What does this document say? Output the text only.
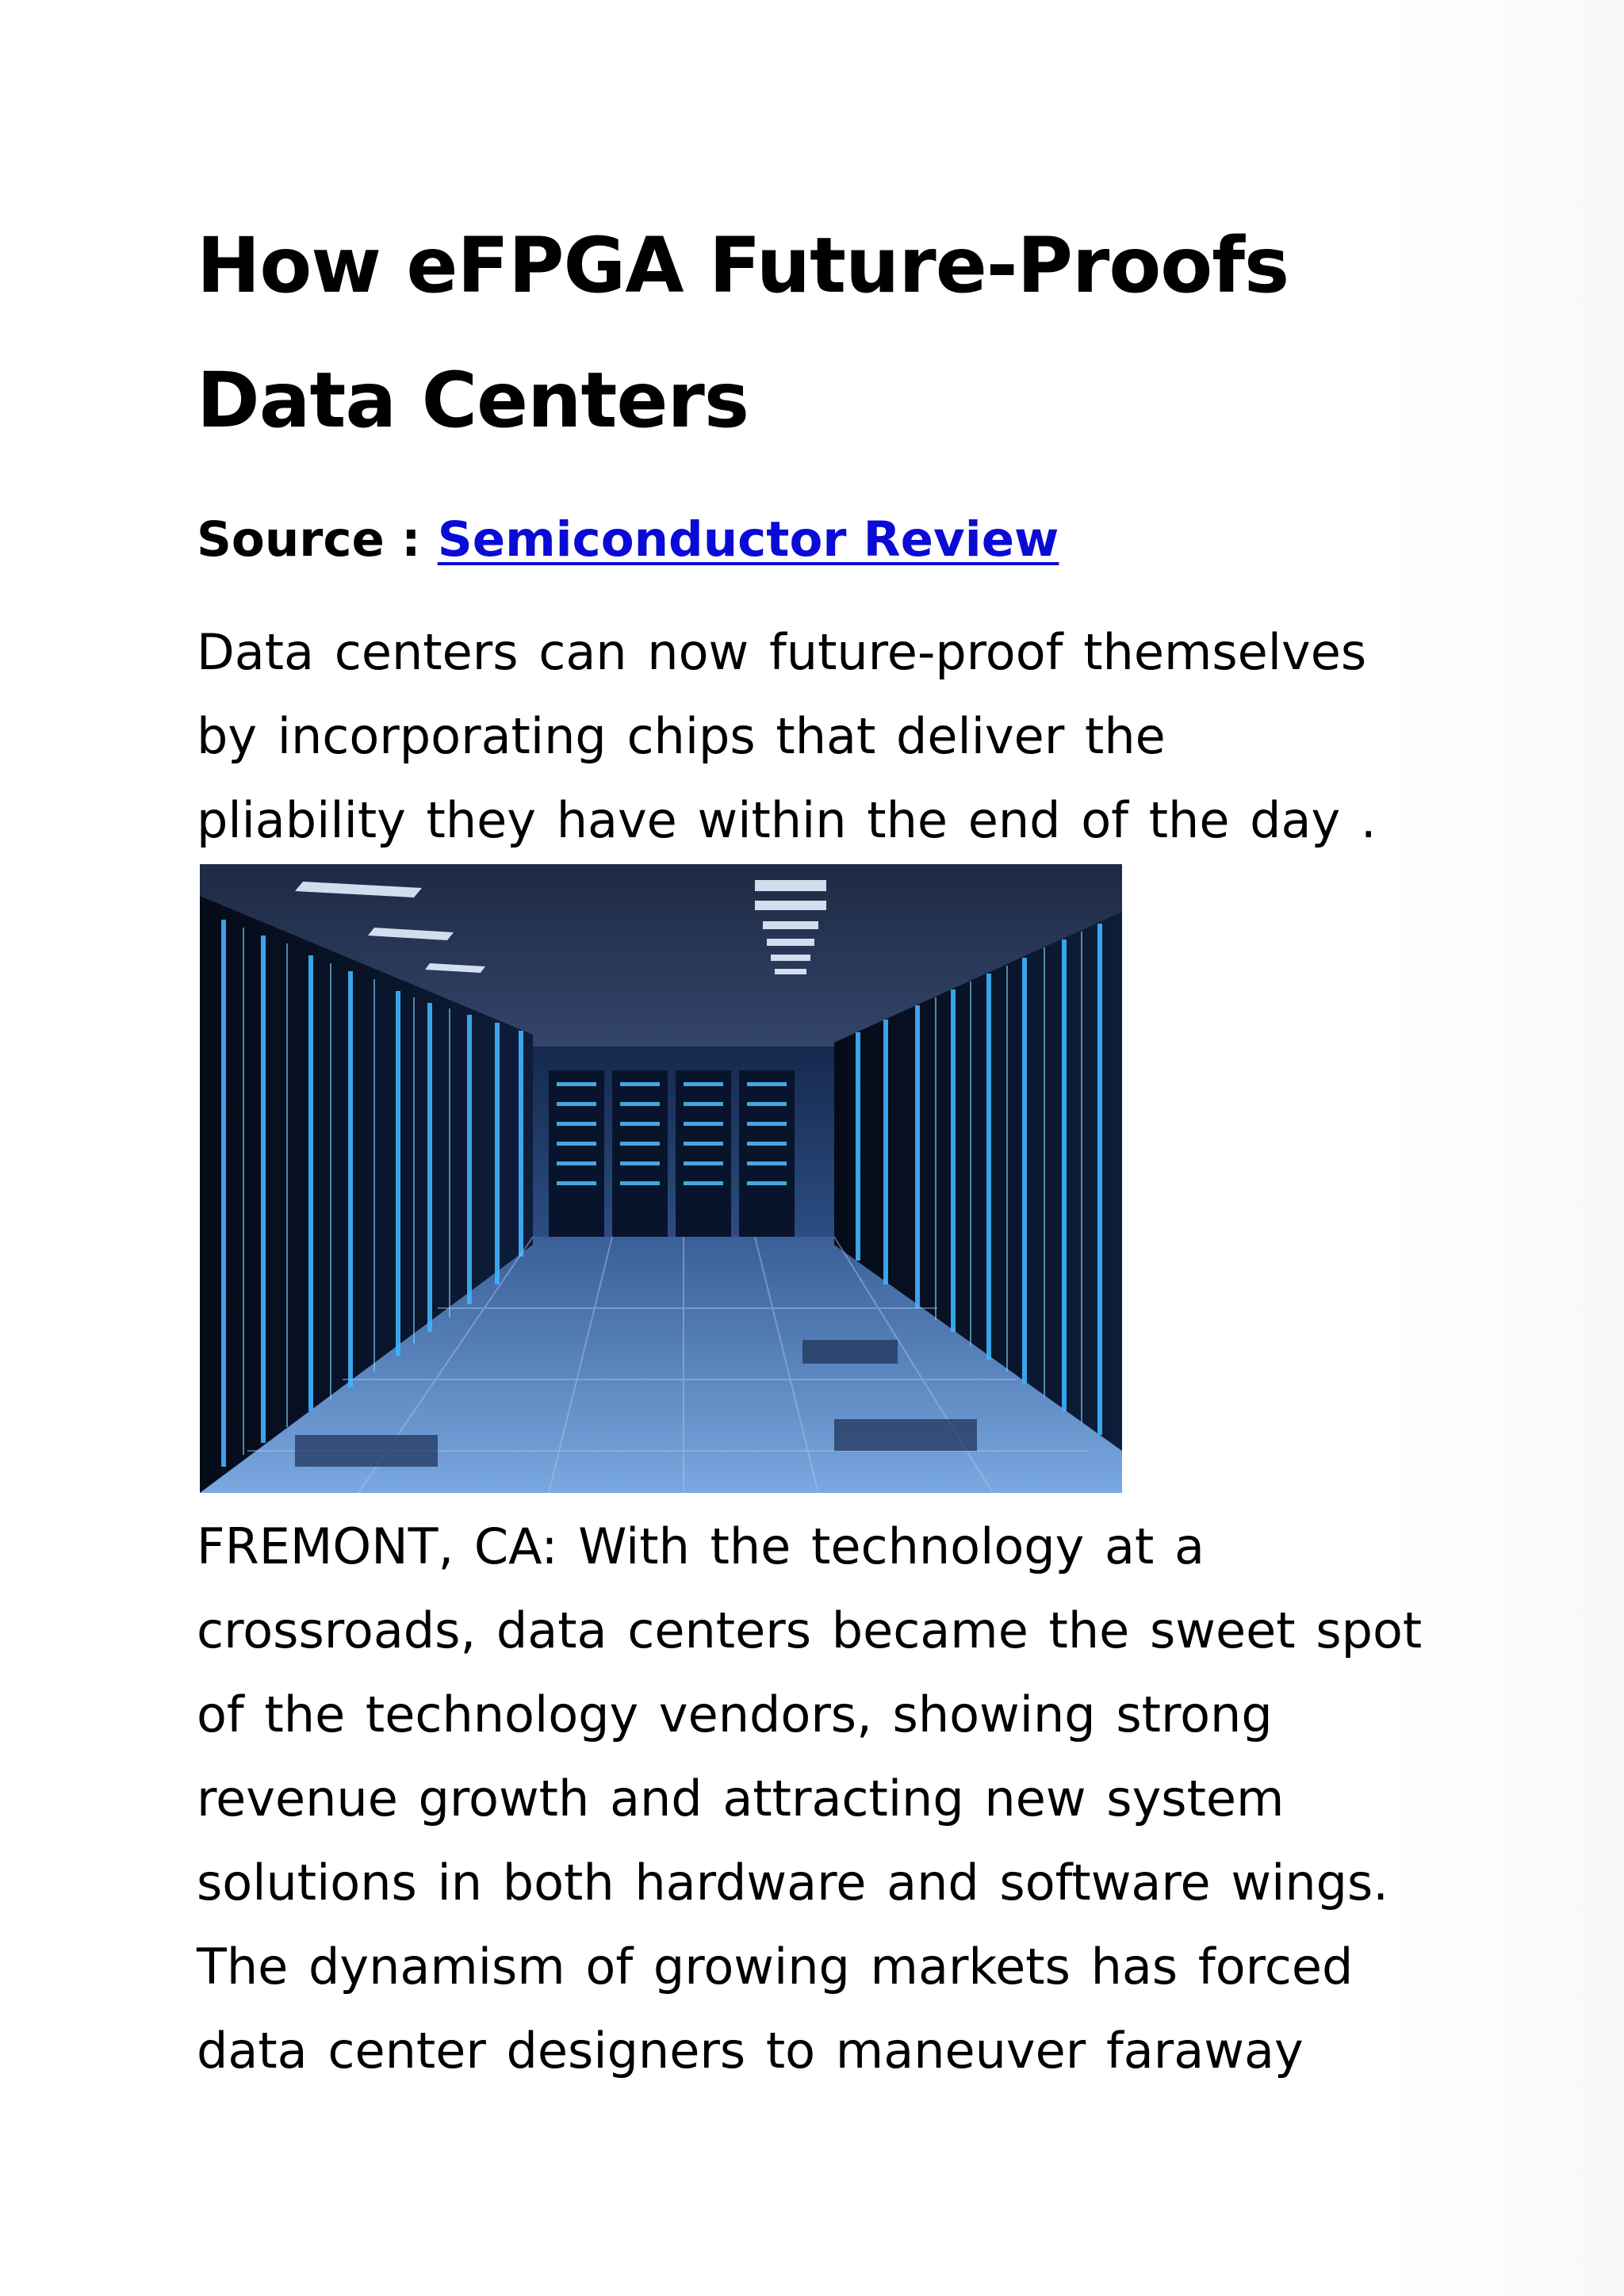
How eFPGA Future-Proofs Data Centers
Source : Semiconductor Review

Data centers can now future-proof themselves
by incorporating chips that deliver the
pliability they have within the end of the day .

FREMONT, CA: With the technology at a
crossroads, data centers became the sweet spot
of the technology vendors, showing strong
revenue growth and attracting new system
solutions in both hardware and software wings.
The dynamism of growing markets has forced
data center designers to maneuver faraway
